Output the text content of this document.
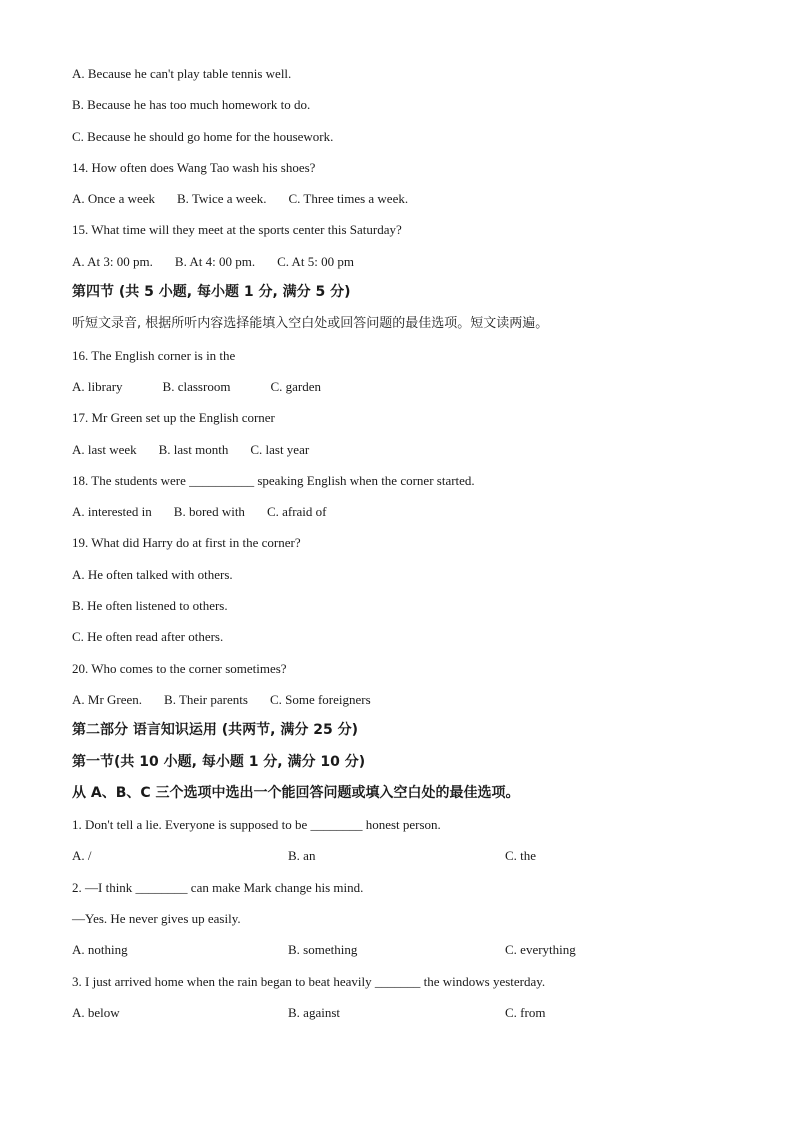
A. Because he can't play table tennis well.
B. Because he has too much homework to do.
C. Because he should go home for the housework.
14. How often does Wang Tao wash his shoes?
A. Once a week B. Twice a week. C. Three times a week.
15. What time will they meet at the sports center this Saturday?
A. At 3: 00 pm. B. At 4: 00 pm. C. At 5: 00 pm
第四节 (共 5 小题, 每小题 1 分, 满分 5 分)
听短文录音, 根据所听内容选择能填入空白处或回答问题的最佳选项。短文读两遍。
16. The English corner is in the
A. library	B. classroom	C. garden
17. Mr Green set up the English corner
A. last week B. last month C. last year
18. The students were __________ speaking English when the corner started.
A. interested in B. bored with C. afraid of
19. What did Harry do at first in the corner?
A. He often talked with others.
B. He often listened to others.
C. He often read after others.
20. Who comes to the corner sometimes?
A. Mr Green. B. Their parents C. Some foreigners
第二部分 语言知识运用 (共两节, 满分 25 分)
第一节(共 10 小题, 每小题 1 分, 满分 10 分)
从 A、B、C 三个选项中选出一个能回答问题或填入空白处的最佳选项。
1. Don't tell a lie. Everyone is supposed to be ________ honest person.
A. /	B. an	C. the
2. —I think ________ can make Mark change his mind.
—Yes. He never gives up easily.
A. nothing	B. something	C. everything
3. I just arrived home when the rain began to beat heavily _______ the windows yesterday.
A. below	B. against	C. from
